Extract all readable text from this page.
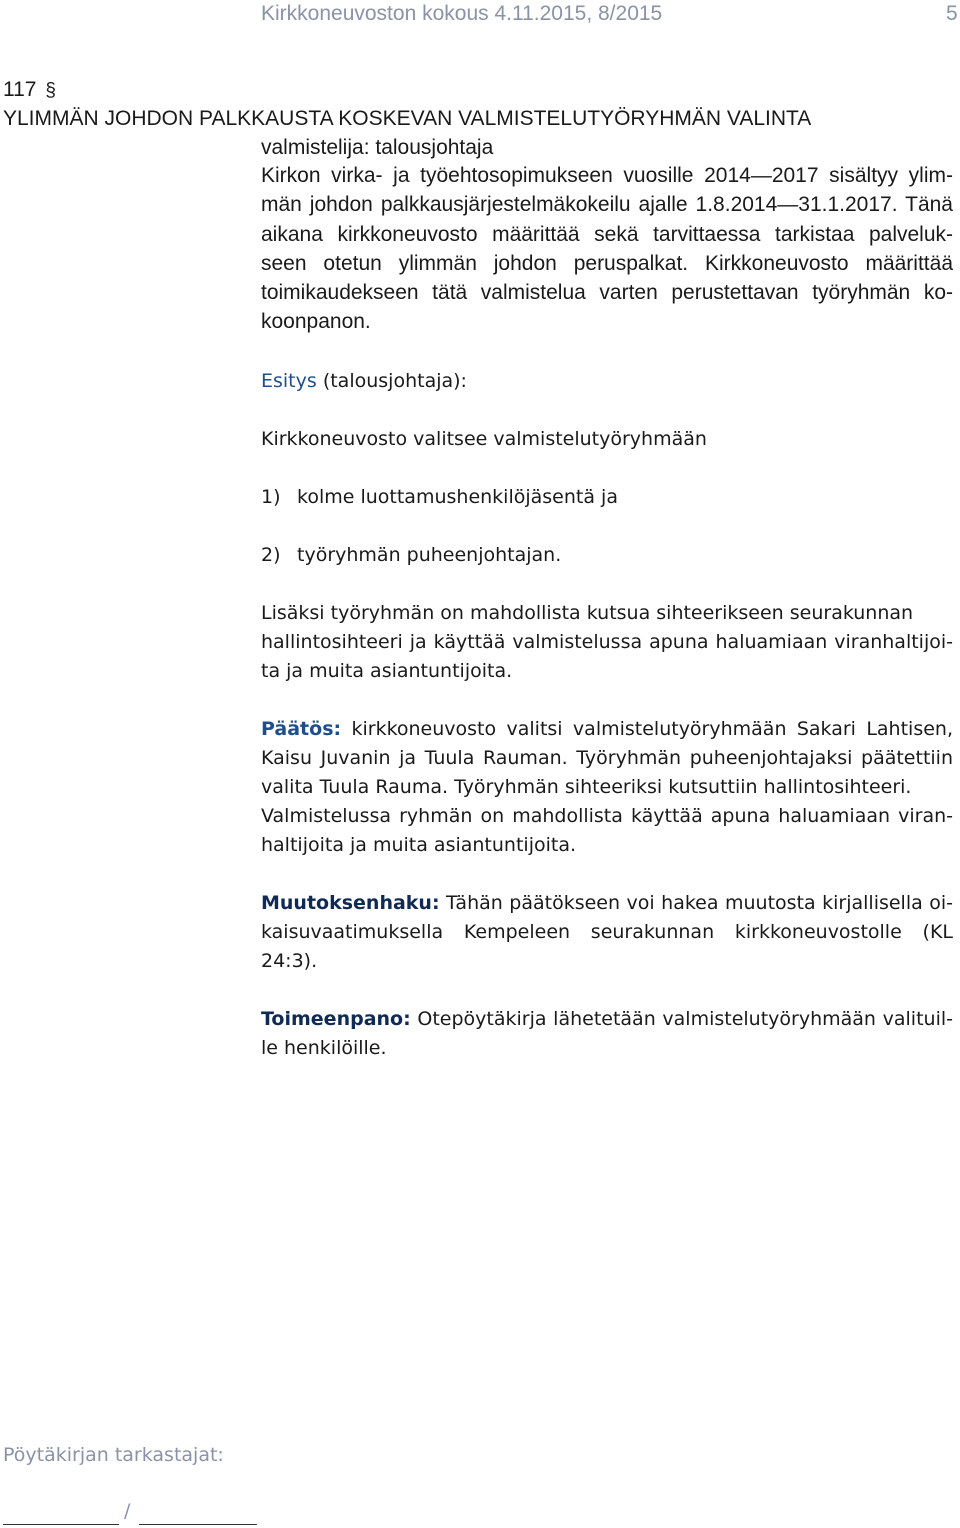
Kirkkoneuvoston kokous 4.11.2015, 8/2015	5
117 §
YLIMMÄN JOHDON PALKKAUSTA KOSKEVAN VALMISTELUTYÖRYHMÄN VALINTA
valmistelija: talousjohtaja
Kirkon virka- ja työehtosopimukseen vuosille 2014—2017 sisältyy ylim-
män johdon palkkausjärjestelmäkokeilu ajalle 1.8.2014—31.1.2017. Tänä
aikana kirkkoneuvosto määrittää sekä tarvittaessa tarkistaa palveluk-
seen otetun ylimmän johdon peruspalkat. Kirkkoneuvosto määrittää
toimikaudekseen tätä valmistelua varten perustettavan työryhmän ko-
koonpanon.
Esitys (talousjohtaja):
Kirkkoneuvosto valitsee valmistelutyöryhmään
1) kolme luottamushenkilöjäsentä ja
2) työryhmän puheenjohtajan.
Lisäksi työryhmän on mahdollista kutsua sihteerikseen seurakunnan
hallintosihteeri ja käyttää valmistelussa apuna haluamiaan viranhaltijoi-
ta ja muita asiantuntijoita.
Päätös: kirkkoneuvosto valitsi valmistelutyöryhmään Sakari Lahtisen,
Kaisu Juvanin ja Tuula Rauman. Työryhmän puheenjohtajaksi päätettiin
valita Tuula Rauma. Työryhmän sihteeriksi kutsuttiin hallintosihteeri.
Valmistelussa ryhmän on mahdollista käyttää apuna haluamiaan viran-
haltijoita ja muita asiantuntijoita.
Muutoksenhaku: Tähän päätökseen voi hakea muutosta kirjallisella oi-
kaisuvaatimuksella Kempeleen seurakunnan kirkkoneuvostolle (KL
24:3).
Toimeenpano: Otepöytäkirja lähetetään valmistelutyöryhmään valituil-
le henkilöille.
Pöytäkirjan tarkastajat:
/
